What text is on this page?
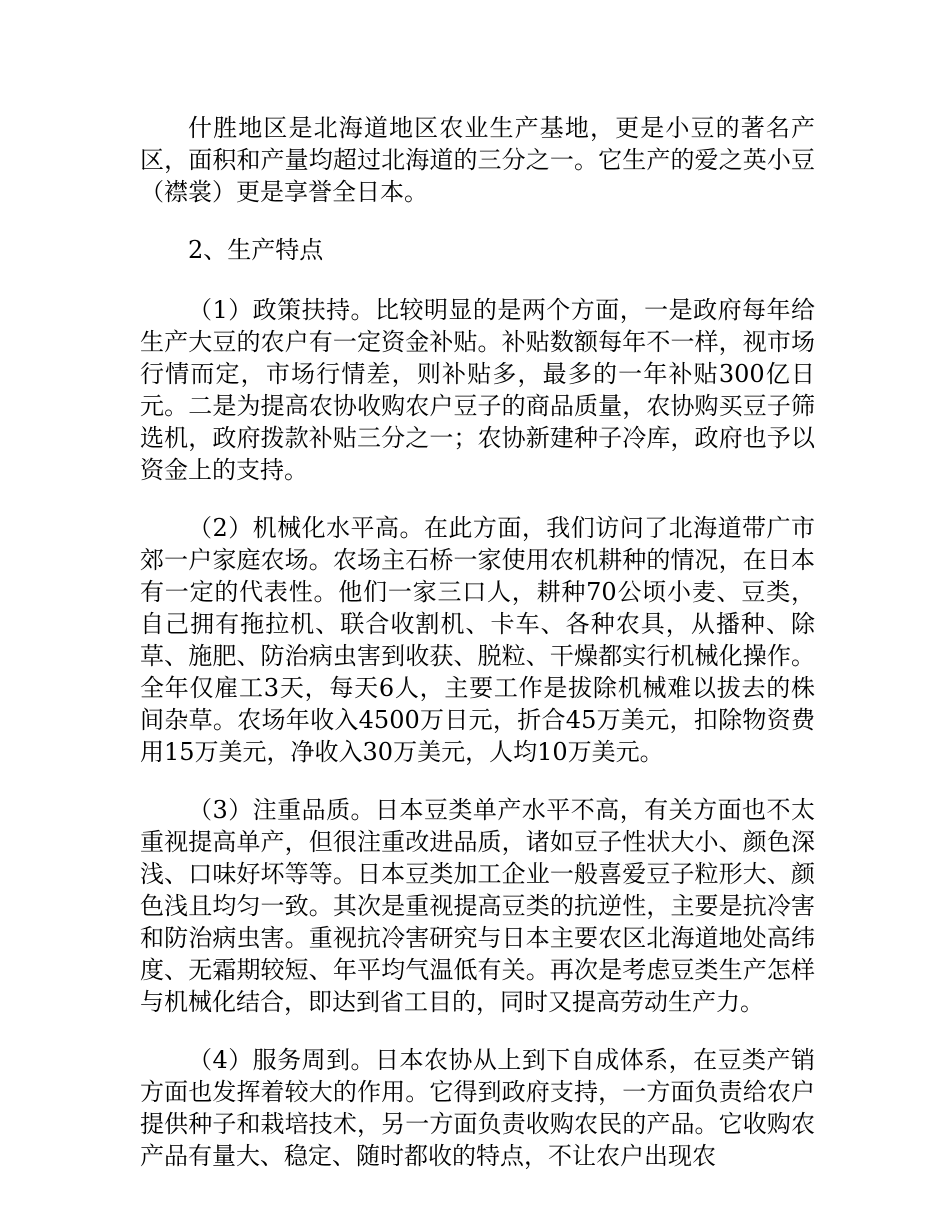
什胜地区是北海道地区农业生产基地，更是小豆的著名产区，面积和产量均超过北海道的三分之一。它生产的爱之英小豆（襟裳）更是享誉全日本。

2、生产特点

（1）政策扶持。比较明显的是两个方面，一是政府每年给生产大豆的农户有一定资金补贴。补贴数额每年不一样，视市场行情而定，市场行情差，则补贴多，最多的一年补贴300亿日元。二是为提高农协收购农户豆子的商品质量，农协购买豆子筛选机，政府拨款补贴三分之一；农协新建种子冷库，政府也予以资金上的支持。

（2）机械化水平高。在此方面，我们访问了北海道带广市郊一户家庭农场。农场主石桥一家使用农机耕种的情况，在日本有一定的代表性。他们一家三口人，耕种70公顷小麦、豆类，自己拥有拖拉机、联合收割机、卡车、各种农具，从播种、除草、施肥、防治病虫害到收获、脱粒、干燥都实行机械化操作。全年仅雇工3天，每天6人，主要工作是拔除机械难以拔去的株间杂草。农场年收入4500万日元，折合45万美元，扣除物资费用15万美元，净收入30万美元，人均10万美元。

（3）注重品质。日本豆类单产水平不高，有关方面也不太重视提高单产，但很注重改进品质，诸如豆子性状大小、颜色深浅、口味好坏等等。日本豆类加工企业一般喜爱豆子粒形大、颜色浅且均匀一致。其次是重视提高豆类的抗逆性，主要是抗冷害和防治病虫害。重视抗冷害研究与日本主要农区北海道地处高纬度、无霜期较短、年平均气温低有关。再次是考虑豆类生产怎样与机械化结合，即达到省工目的，同时又提高劳动生产力。

（4）服务周到。日本农协从上到下自成体系，在豆类产销方面也发挥着较大的作用。它得到政府支持，一方面负责给农户提供种子和栽培技术，另一方面负责收购农民的产品。它收购农产品有量大、稳定、随时都收的特点，不让农户出现农
